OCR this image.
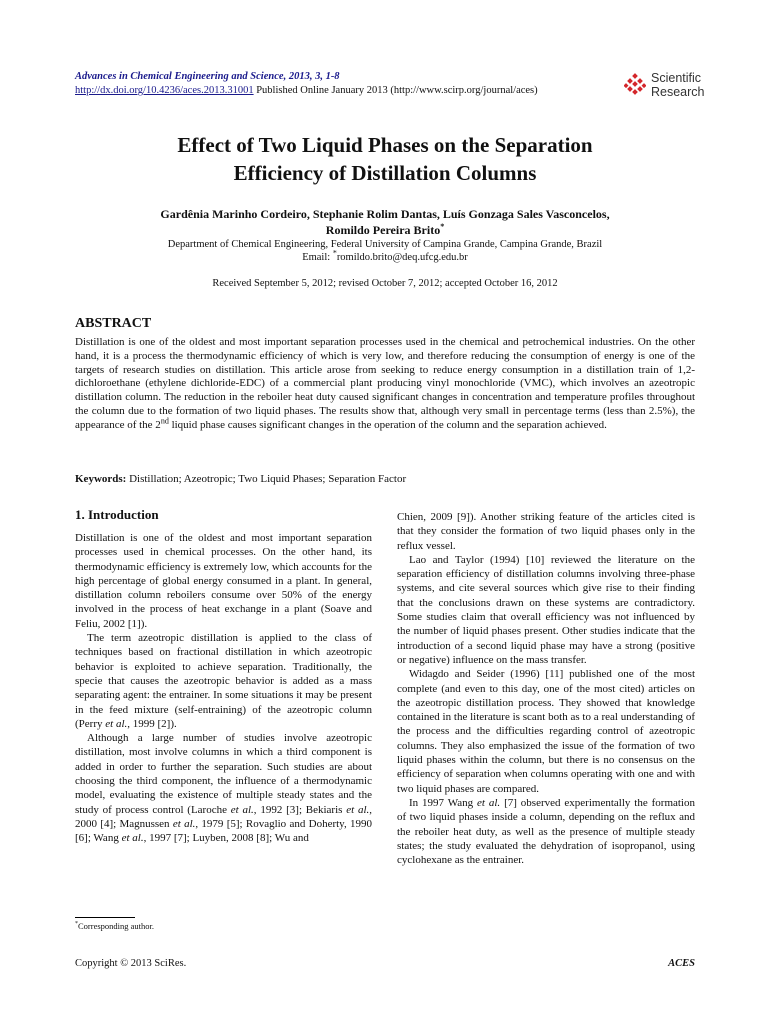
Advances in Chemical Engineering and Science, 2013, 3, 1-8
http://dx.doi.org/10.4236/aces.2013.31001 Published Online January 2013 (http://www.scirp.org/journal/aces)
Scientific
Research
Effect of Two Liquid Phases on the Separation
Efficiency of Distillation Columns
Gardênia Marinho Cordeiro, Stephanie Rolim Dantas, Luís Gonzaga Sales Vasconcelos,
Romildo Pereira Brito*
Department of Chemical Engineering, Federal University of Campina Grande, Campina Grande, Brazil
Email: *romildo.brito@deq.ufcg.edu.br
Received September 5, 2012; revised October 7, 2012; accepted October 16, 2012
ABSTRACT
Distillation is one of the oldest and most important separation processes used in the chemical and petrochemical industries. On the other hand, it is a process the thermodynamic efficiency of which is very low, and therefore reducing the consumption of energy is one of the targets of research studies on distillation. This article arose from seeking to reduce energy consumption in a distillation train of 1,2-dichloroethane (ethylene dichloride-EDC) of a commercial plant producing vinyl monochloride (VMC), which involves an azeotropic distillation column. The reduction in the reboiler heat duty caused significant changes in concentration and temperature profiles throughout the column due to the formation of two liquid phases. The results show that, although very small in percentage terms (less than 2.5%), the appearance of the 2nd liquid phase causes significant changes in the operation of the column and the separation achieved.
Keywords: Distillation; Azeotropic; Two Liquid Phases; Separation Factor
1. Introduction

Distillation is one of the oldest and most important separation processes used in chemical processes. On the other hand, its thermodynamic efficiency is extremely low, which accounts for the high percentage of global energy consumed in a plant. In general, distillation column reboilers consume over 50% of the energy involved in the process of heat exchange in a plant (Soave and Feliu, 2002 [1]).

The term azeotropic distillation is applied to the class of techniques based on fractional distillation in which azeotropic behavior is exploited to achieve separation. Traditionally, the specie that causes the azeotropic behavior is added as a mass separating agent: the entrainer. In some situations it may be present in the feed mixture (self-entraining) of the azeotropic column (Perry et al., 1999 [2]).

Although a large number of studies involve azeotropic distillation, most involve columns in which a third component is added in order to further the separation. Such studies are about choosing the third component, the influence of a thermodynamic model, evaluating the existence of multiple steady states and the study of process control (Laroche et al., 1992 [3]; Bekiaris et al., 2000 [4]; Magnussen et al., 1979 [5]; Rovaglio and Doherty, 1990 [6]; Wang et al., 1997 [7]; Luyben, 2008 [8]; Wu and

Chien, 2009 [9]). Another striking feature of the articles cited is that they consider the formation of two liquid phases only in the reflux vessel.

Lao and Taylor (1994) [10] reviewed the literature on the separation efficiency of distillation columns involving three-phase systems, and cite several sources which give rise to their finding that the conclusions drawn on these systems are contradictory. Some studies claim that overall efficiency was not influenced by the number of liquid phases present. Other studies indicate that the introduction of a second liquid phase may have a strong (positive or negative) influence on the mass transfer.

Widagdo and Seider (1996) [11] published one of the most complete (and even to this day, one of the most cited) articles on the azeotropic distillation process. They showed that knowledge contained in the literature is scant both as to a real understanding of the process and the difficulties regarding control of azeotropic columns. They also emphasized the issue of the formation of two liquid phases within the column, but there is no consensus on the efficiency of separation when columns operating with one and with two liquid phases are compared.

In 1997 Wang et al. [7] observed experimentally the formation of two liquid phases inside a column, depending on the reflux and the reboiler heat duty, as well as the presence of multiple steady states; the study evaluated the dehydration of isopropanol, using cyclohexane as the entrainer.

*Corresponding author.
Copyright © 2013 SciRes.	ACES
